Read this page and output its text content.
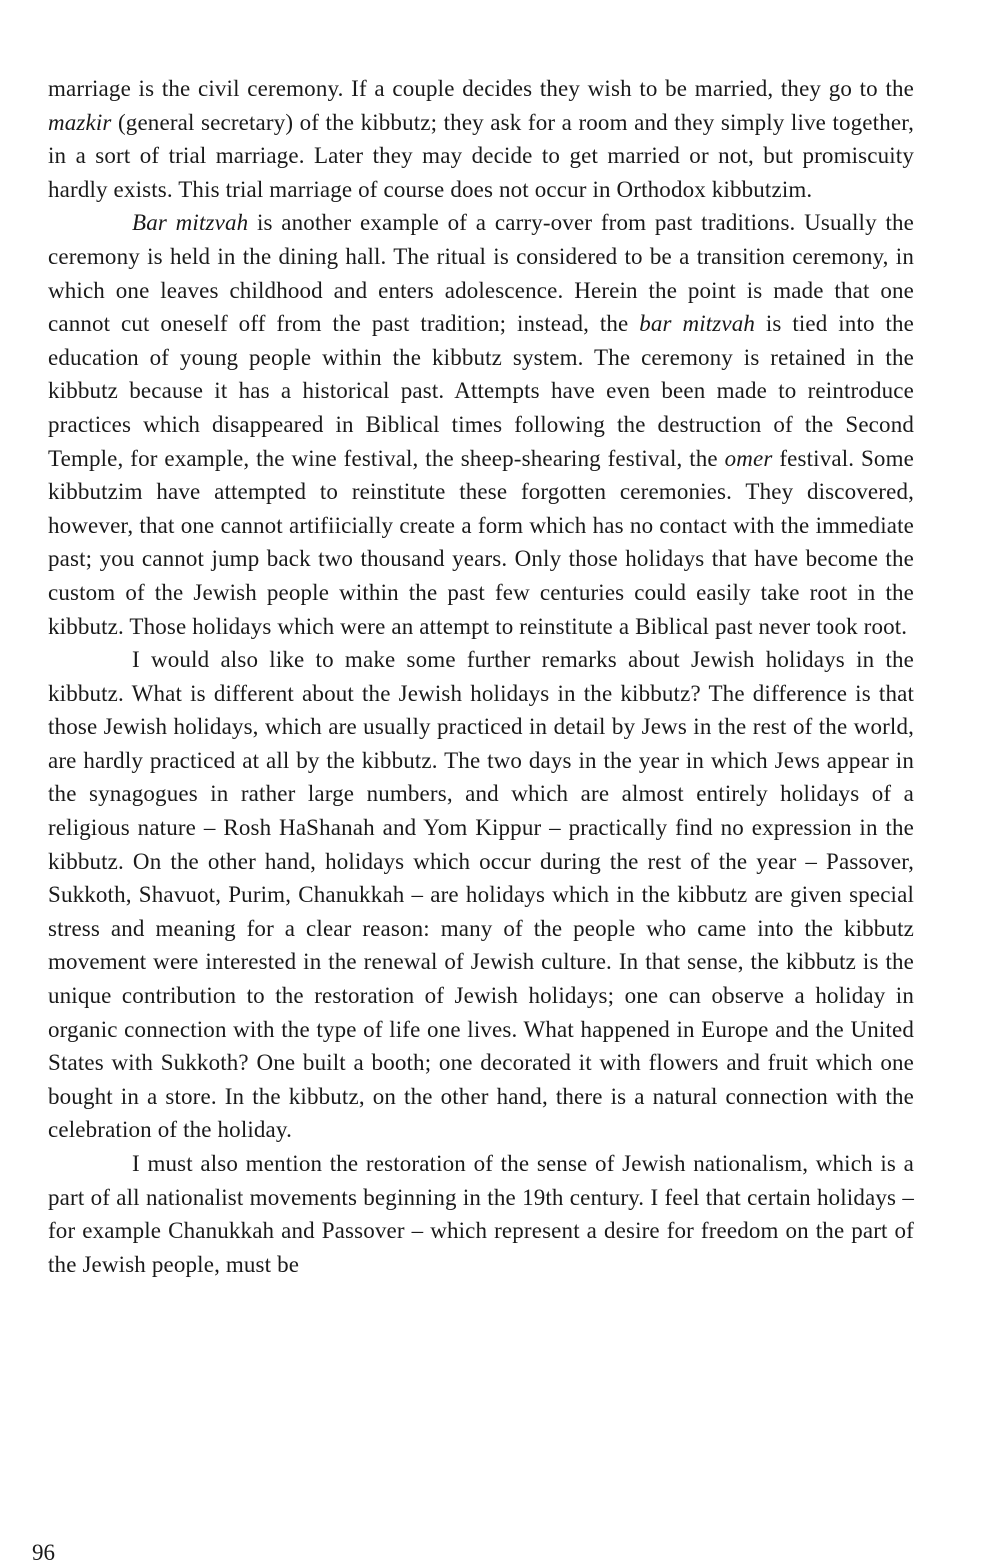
marriage is the civil ceremony. If a couple decides they wish to be married, they go to the mazkir (general secretary) of the kibbutz; they ask for a room and they simply live together, in a sort of trial marriage. Later they may decide to get married or not, but promiscuity hardly exists. This trial marriage of course does not occur in Orthodox kibbutzim.

Bar mitzvah is another example of a carry-over from past traditions. Usually the ceremony is held in the dining hall. The ritual is considered to be a transition ceremony, in which one leaves childhood and enters adolescence. Herein the point is made that one cannot cut oneself off from the past tradition; instead, the bar mitzvah is tied into the education of young people within the kibbutz system. The ceremony is retained in the kibbutz because it has a historical past. Attempts have even been made to reintroduce practices which disappeared in Biblical times following the destruction of the Second Temple, for example, the wine festival, the sheep-shearing festival, the omer festival. Some kibbutzim have attempted to reinstitute these forgotten ceremonies. They discovered, however, that one cannot artifiicially create a form which has no contact with the immediate past; you cannot jump back two thousand years. Only those holidays that have become the custom of the Jewish people within the past few centuries could easily take root in the kibbutz. Those holidays which were an attempt to reinstitute a Biblical past never took root.

I would also like to make some further remarks about Jewish holidays in the kibbutz. What is different about the Jewish holidays in the kibbutz? The difference is that those Jewish holidays, which are usually practiced in detail by Jews in the rest of the world, are hardly practiced at all by the kibbutz. The two days in the year in which Jews appear in the synagogues in rather large numbers, and which are almost entirely holidays of a religious nature – Rosh HaShanah and Yom Kippur – practically find no expression in the kibbutz. On the other hand, holidays which occur during the rest of the year – Passover, Sukkoth, Shavuot, Purim, Chanukkah – are holidays which in the kibbutz are given special stress and meaning for a clear reason: many of the people who came into the kibbutz movement were interested in the renewal of Jewish culture. In that sense, the kibbutz is the unique contribution to the restoration of Jewish holidays; one can observe a holiday in organic connection with the type of life one lives. What happened in Europe and the United States with Sukkoth? One built a booth; one decorated it with flowers and fruit which one bought in a store. In the kibbutz, on the other hand, there is a natural connection with the celebration of the holiday.

I must also mention the restoration of the sense of Jewish nationalism, which is a part of all nationalist movements beginning in the 19th century. I feel that certain holidays – for example Chanukkah and Passover – which represent a desire for freedom on the part of the Jewish people, must be

96
